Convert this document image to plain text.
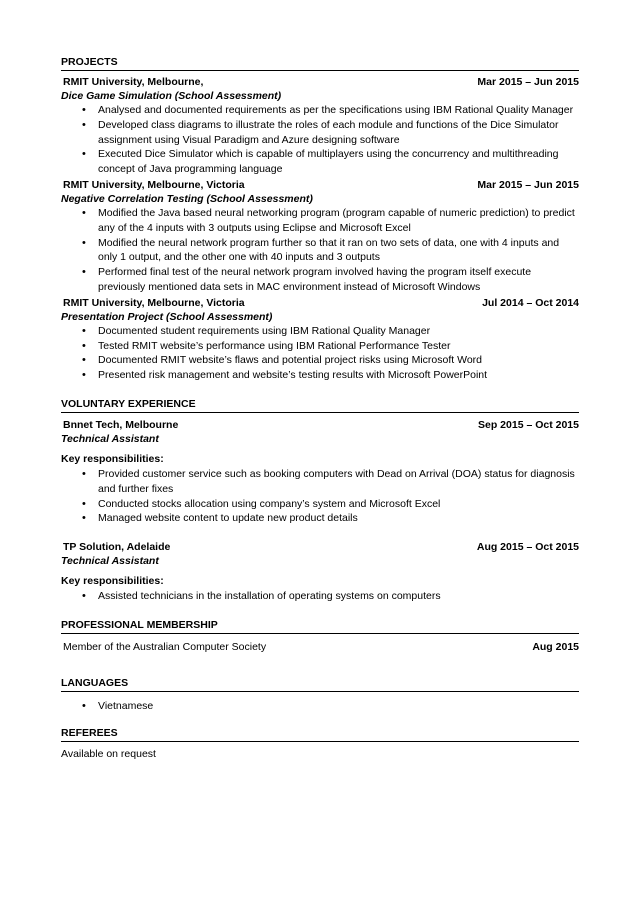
PROJECTS
RMIT University, Melbourne,	Mar 2015 – Jun 2015
Dice Game Simulation (School Assessment)
• Analysed and documented requirements as per the specifications using IBM Rational Quality Manager
• Developed class diagrams to illustrate the roles of each module and functions of the Dice Simulator assignment using Visual Paradigm and Azure designing software
• Executed Dice Simulator which is capable of multiplayers using the concurrency and multithreading concept of Java programming language
RMIT University, Melbourne, Victoria	Mar 2015 – Jun 2015
Negative Correlation Testing (School Assessment)
• Modified the Java based neural networking program (program capable of numeric prediction) to predict any of the 4 inputs with 3 outputs using Eclipse and Microsoft Excel
• Modified the neural network program further so that it ran on two sets of data, one with 4 inputs and only 1 output, and the other one with 40 inputs and 3 outputs
• Performed final test of the neural network program involved having the program itself execute previously mentioned data sets in MAC environment instead of Microsoft Windows
RMIT University, Melbourne, Victoria	Jul 2014 – Oct 2014
Presentation Project (School Assessment)
• Documented student requirements using IBM Rational Quality Manager
• Tested RMIT website’s performance using IBM Rational Performance Tester
• Documented RMIT website’s flaws and potential project risks using Microsoft Word
• Presented risk management and website’s testing results with Microsoft PowerPoint
VOLUNTARY EXPERIENCE
Bnnet Tech, Melbourne	Sep 2015 – Oct 2015
Technical Assistant
Key responsibilities:
• Provided customer service such as booking computers with Dead on Arrival (DOA) status for diagnosis and further fixes
• Conducted stocks allocation using company’s system and Microsoft Excel
• Managed website content to update new product details
TP Solution, Adelaide	Aug 2015 – Oct 2015
Technical Assistant
Key responsibilities:
• Assisted technicians in the installation of operating systems on computers
PROFESSIONAL MEMBERSHIP
Member of the Australian Computer Society	Aug 2015
LANGUAGES
• Vietnamese
REFEREES
Available on request
